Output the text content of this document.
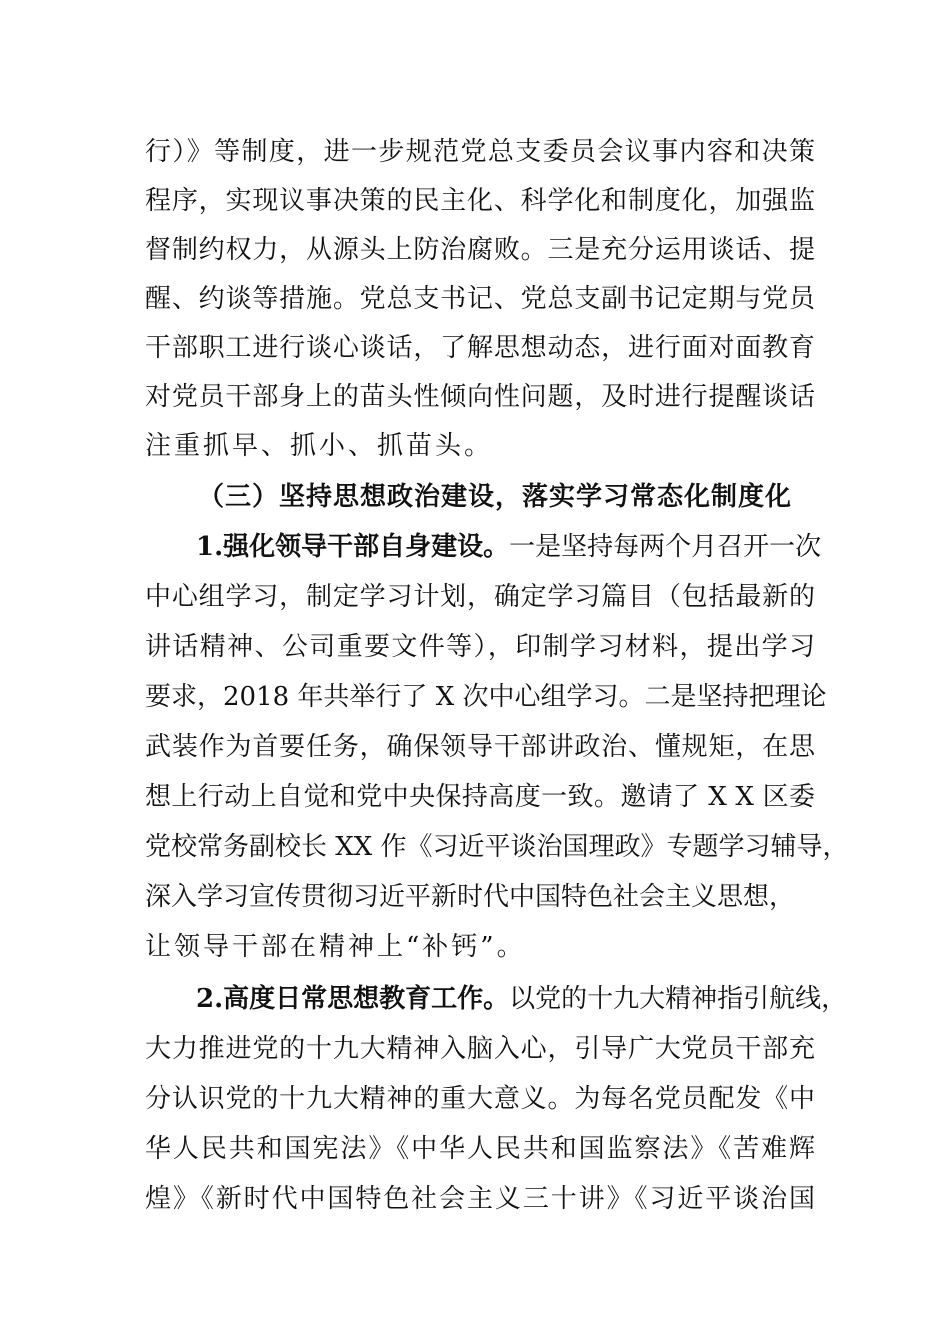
行）》等制度，进一步规范党总支委员会议事内容和决策
程序，实现议事决策的民主化、科学化和制度化，加强监
督制约权力，从源头上防治腐败。三是充分运用谈话、提
醒、约谈等措施。党总支书记、党总支副书记定期与党员
干部职工进行谈心谈话，了解思想动态，进行面对面教育
对党员干部身上的苗头性倾向性问题，及时进行提醒谈话
注重抓早、抓小、抓苗头。
（三）坚持思想政治建设，落实学习常态化制度化
1.强化领导干部自身建设。一是坚持每两个月召开一次
中心组学习，制定学习计划，确定学习篇目（包括最新的
讲话精神、公司重要文件等），印制学习材料，提出学习
要求，2018 年共举行了 X 次中心组学习。二是坚持把理论
武装作为首要任务，确保领导干部讲政治、懂规矩，在思
想上行动上自觉和党中央保持高度一致。邀请了 X X 区委
党校常务副校长 XX 作《习近平谈治国理政》专题学习辅导，
深入学习宣传贯彻习近平新时代中国特色社会主义思想，
让领导干部在精神上“补钙”。
2.高度日常思想教育工作。以党的十九大精神指引航线，
大力推进党的十九大精神入脑入心，引导广大党员干部充
分认识党的十九大精神的重大意义。为每名党员配发《中
华人民共和国宪法》《中华人民共和国监察法》《苦难辉
煌》《新时代中国特色社会主义三十讲》《习近平谈治国
